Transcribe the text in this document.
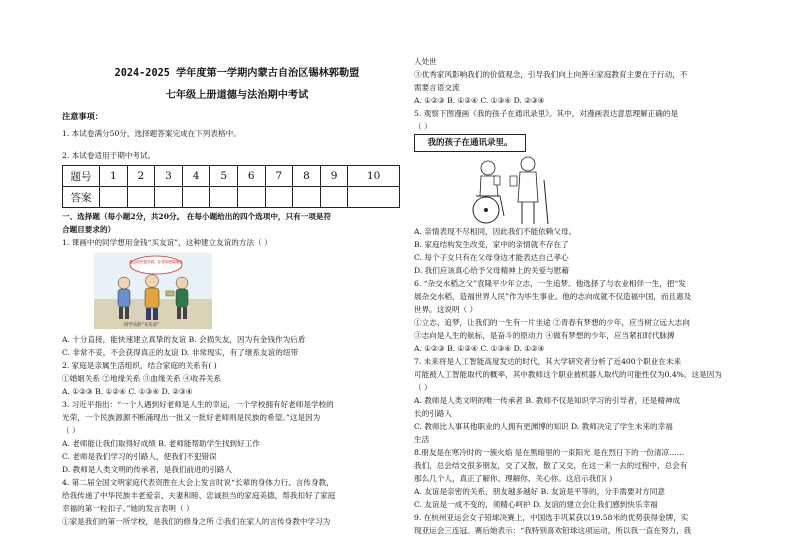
2024-2025 学年度第一学期内蒙古自治区锡林郭勒盟
七年级上册道德与法治期中考试
注意事项：
1. 本试卷满分50分，选择题答案完成在下列表格中。
2. 本试卷适用于期中考试。
题号	1	2	3	4	5	6	7	8	9	10
答案										
一、选择题（每小题2分，共20分。 在每小题给出的四个选项中，只有一项是符
合题目要求的）
1. 课画中的同学想用金钱“买友谊”，这种建立友谊的方法（ ）
A. 十分直接，能快速建立真挚的友谊 B. 会损失友，因为有金钱作为后盾
C. 非常不妥，不会获得真正的友谊 D. 非常现实，有了继系友谊的纽带
2. 家庭是亲属生活组织，结合家庭的关系有( )
①婚姻关系 ②地缘关系 ③血缘关系 ④收养关系
A. ①②③ B. ①②④ C. ①③④ D. ②③④
3. 习近平指出：“一个人遇到好老师是人生的幸运，一个学校拥有好老师是学校的
光荣，一个民族源源不断涌现出一批又一批好老师则是民族的希望。”这是因为
（ ）
A. 老师能让我们取得好成绩 B. 老师能帮助学生找到好工作
C. 老师是我们学习的引路人，使我们不犯错误
D. 教师是人类文明的传承者，是我们前进的引路人
4. 第二届全国文明家庭代表资胜在大会上发言时说“长辈的身体力行、言传身教，
给我传递了中华民族丰老爱亲、夫妻和睦、忠诚担当的家庭美德，帮我扣好了家庭
幸福的第一粒扣子。”她的发言表明（ ）
①家是我们的第一所学校，是我们的修身之所 ②我们在家人的言传身教中学习为
我会给你很多钱，让你和我做朋友
同学关的“买友谊”
人处世
③优秀家风影响我们的价值观念，引导我们向上向善④家庭教育主要在于行动，不
需要言语交流
A. ①②③ B. ①②④ C. ①③④ D. ②③④
5. 观察下图漫画《我的孩子在通讯录里》。其中，对漫画表达意思理解正确的是
（ ）
A. 亲情表现不尽相同，因此我们不能依赖父母。
B. 家庭结构发生改变，家中的亲情就不存在了
C. 每个子女只有在父母身边才能表达自己孝心
D. 我们应该真心给予父母精神上的关爱与慰藉
6. “杂交水稻之父”袁隆平少年立志，一生追梦。他选择了与农业相伴一生，把“发
展杂交水稻，造福世界人民”作为毕生事业。他的志向成就不仅造福中国，而且惠及
世界。这说明（ ）
①立志、追梦，让我们的一生有一片坐途 ②青春有梦想的少年，应当树立远大志向
③志向是人生的航标，是奋斗的原动力 ④做有梦想的少年，应当紧扣时代脉搏
A. ①②③ B. ①②④ C. ①③④ D. ①②④
7. 未来将是人工智能高度发达的时代，其大学研究者分析了近400个职业在未来
可能被人工智能取代的概率，其中教师这个职业被机器人取代的可能性仅为0.4%。这是因为
（ ）
A. 教师是人类文明的唯一传承者 B. 教师不仅是知识学习的引导者，还是精神成
长的引路人
C. 教师比人事其他职业的人拥有更渊博的知识 D. 教师决定了学生未来的幸福
生活
8.朋友是在寒冷时的一簇火焰 是在黑暗里的一束阳光 是在烈日下的一份清凉……
我们，总会结交很多朋友，交了又散，散了又交，在这一来一去的过程中，总会有
那么几个人，真正了解你、理解你、关心你。这启示我们( )
A. 友谊是亲密的关系，朋友越多越好 B. 友谊是平等的，分手需要对方同意
C. 友谊是一成不变的，须精心呵护 D. 友谊的建立会让我们感到快乐幸福
9. 在杭州亚运会女子铅球决赛上，中国选手巩某获以19.58米的优势获得金牌，实
现亚运会三连冠。赛后她表示：“我特别喜欢铅球这项运动，所以我一直在努力，我
我的孩子在通讯录里。
